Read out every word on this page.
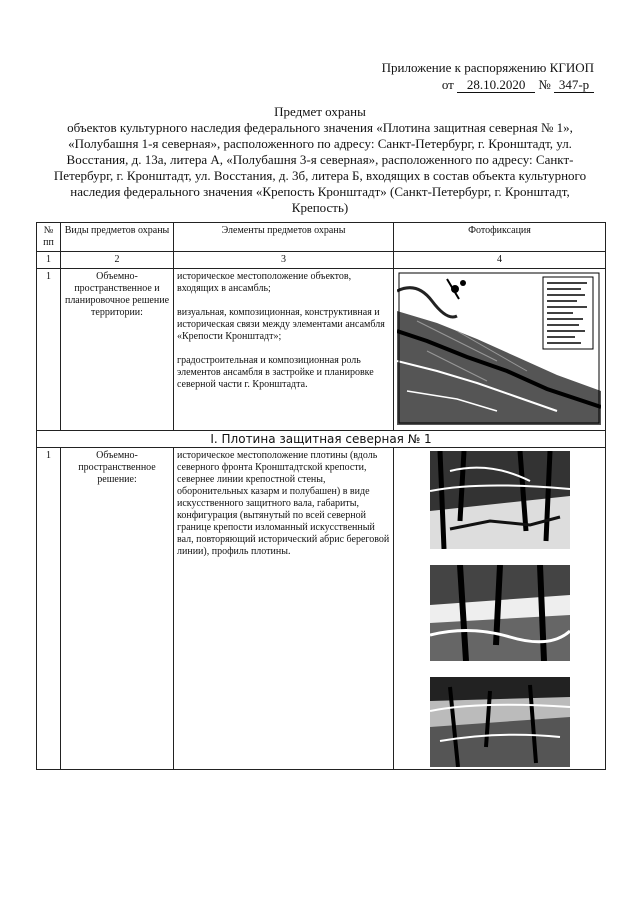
Приложение к распоряжению КГИОП
от 28.10.2020 № 347-р
Предмет охраны
объектов культурного наследия федерального значения «Плотина защитная северная № 1», «Полубашня 1-я северная», расположенного по адресу: Санкт-Петербург, г. Кронштадт, ул. Восстания, д. 13а, литера А, «Полубашня 3-я северная», расположенного по адресу: Санкт-Петербург, г. Кронштадт, ул. Восстания, д. 3б, литера Б, входящих в состав объекта культурного наследия федерального значения «Крепость Кронштадт» (Санкт-Петербург, г. Кронштадт, Крепость)
№ пп	Виды предметов охраны	Элементы предметов охраны	Фотофиксация
1	2	3	4
1	Объемно-пространственное и планировочное решение территории:	историческое местоположение объектов, входящих в ансамбль;

визуальная, композиционная, конструктивная и историческая связи между элементами ансамбля «Крепости Кронштадт»;

градостроительная и композиционная роль элементов ансамбля в застройке и планировке северной части г. Кронштадта.

I. Плотина защитная северная № 1			
1	Объемно-пространственное решение:	историческое местоположение плотины (вдоль северного фронта Кронштадтской крепости, севернее линии крепостной стены, оборонительных казарм и полубашен) в виде искусственного защитного вала, габариты, конфигурация (вытянутый по всей северной границе крепости изломанный искусственный вал, повторяющий исторический абрис береговой линии), профиль плотины.	
